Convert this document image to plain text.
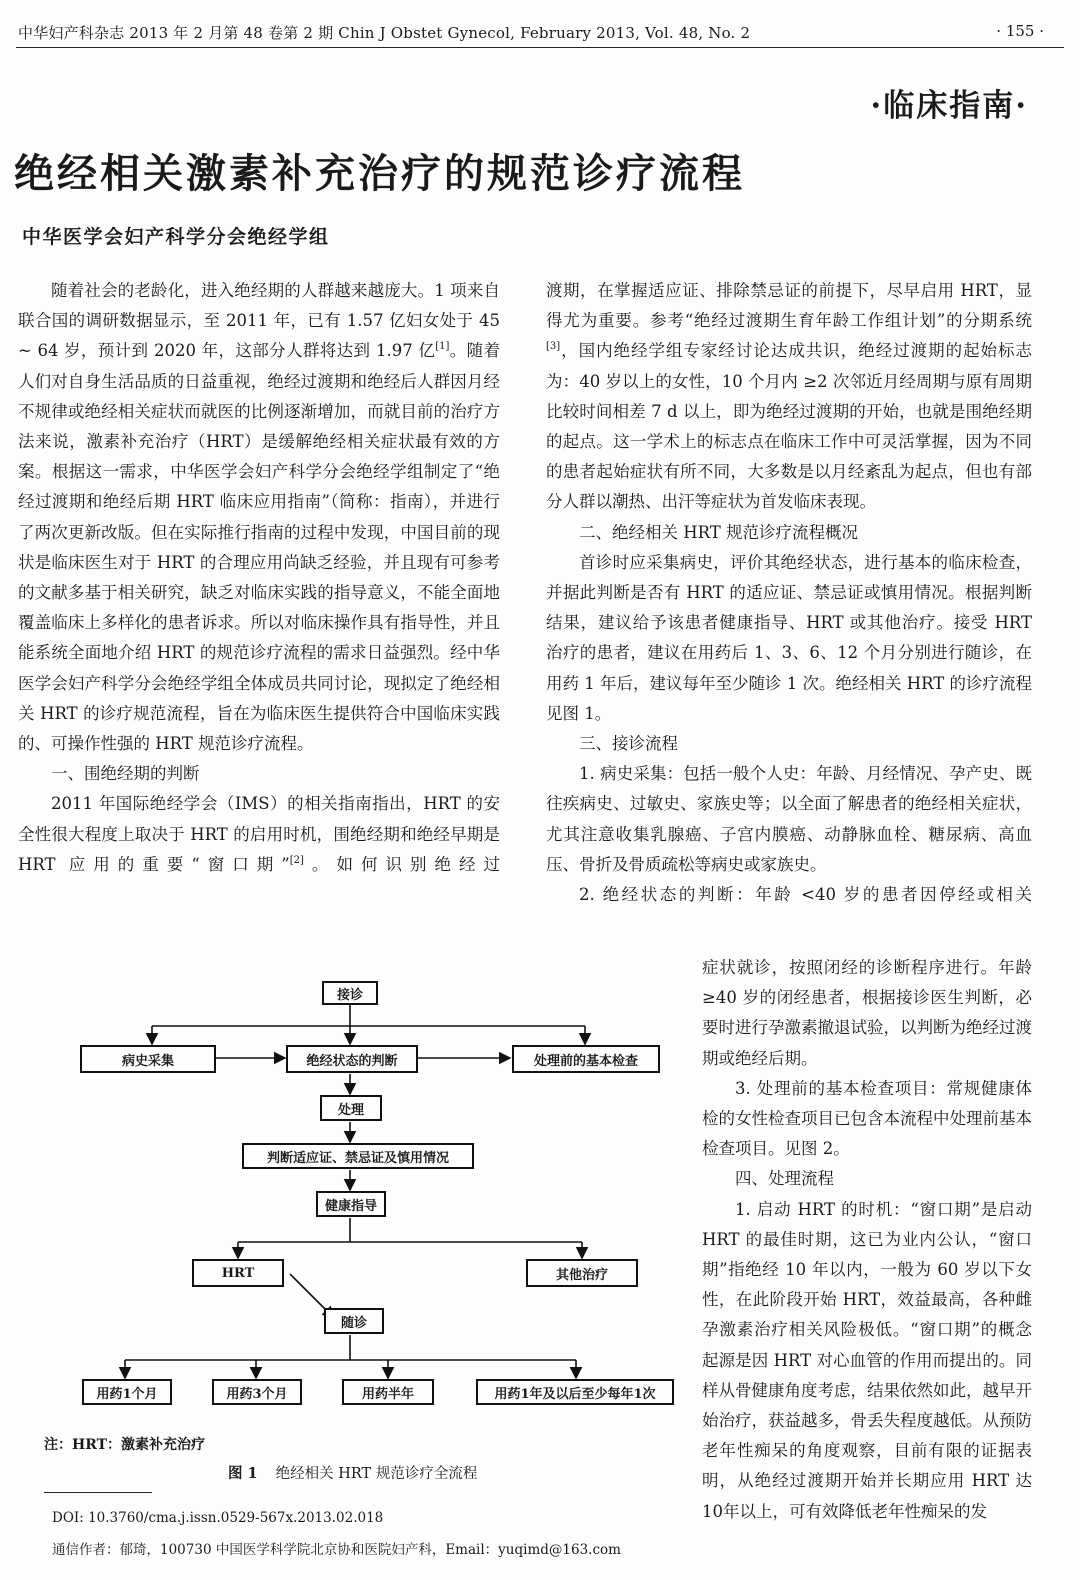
中华妇产科杂志 2013 年 2 月第 48 卷第 2 期 Chin J Obstet Gynecol, February 2013, Vol. 48, No. 2	· 155 ·
·临床指南·
绝经相关激素补充治疗的规范诊疗流程
中华医学会妇产科学分会绝经学组

随着社会的老龄化，进入绝经期的人群越来越庞大。1 项来自联合国的调研数据显示，至 2011 年，已有 1.57 亿妇女处于 45 ~ 64 岁，预计到 2020 年，这部分人群将达到 1.97 亿[1]。随着人们对自身生活品质的日益重视，绝经过渡期和绝经后人群因月经不规律或绝经相关症状而就医的比例逐渐增加，而就目前的治疗方法来说，激素补充治疗（HRT）是缓解绝经相关症状最有效的方案。根据这一需求，中华医学会妇产科学分会绝经学组制定了“绝经过渡期和绝经后期 HRT 临床应用指南”（简称：指南），并进行了两次更新改版。但在实际推行指南的过程中发现，中国目前的现状是临床医生对于 HRT 的合理应用尚缺乏经验，并且现有可参考的文献多基于相关研究，缺乏对临床实践的指导意义，不能全面地覆盖临床上多样化的患者诉求。所以对临床操作具有指导性，并且能系统全面地介绍 HRT 的规范诊疗流程的需求日益强烈。经中华医学会妇产科学分会绝经学组全体成员共同讨论，现拟定了绝经相关 HRT 的诊疗规范流程，旨在为临床医生提供符合中国临床实践的、可操作性强的 HRT 规范诊疗流程。

一、围绝经期的判断

2011 年国际绝经学会（IMS）的相关指南指出，HRT 的安全性很大程度上取决于 HRT 的启用时机，围绝经期和绝经早期是 HRT 应用的重要“窗口期”[2]。如何识别绝经过

渡期，在掌握适应证、排除禁忌证的前提下，尽早启用 HRT，显得尤为重要。参考“绝经过渡期生育年龄工作组计划”的分期系统[3]，国内绝经学组专家经讨论达成共识，绝经过渡期的起始标志为：40 岁以上的女性，10 个月内 ≥2 次邻近月经周期与原有周期比较时间相差 7 d 以上，即为绝经过渡期的开始，也就是围绝经期的起点。这一学术上的标志点在临床工作中可灵活掌握，因为不同的患者起始症状有所不同，大多数是以月经紊乱为起点，但也有部分人群以潮热、出汗等症状为首发临床表现。

二、绝经相关 HRT 规范诊疗流程概况

首诊时应采集病史，评价其绝经状态，进行基本的临床检查，并据此判断是否有 HRT 的适应证、禁忌证或慎用情况。根据判断结果，建议给予该患者健康指导、HRT 或其他治疗。接受 HRT 治疗的患者，建议在用药后 1、3、6、12 个月分别进行随诊，在用药 1 年后，建议每年至少随诊 1 次。绝经相关 HRT 的诊疗流程见图 1。

三、接诊流程

1. 病史采集：包括一般个人史：年龄、月经情况、孕产史、既往疾病史、过敏史、家族史等；以全面了解患者的绝经相关症状，尤其注意收集乳腺癌、子宫内膜癌、动静脉血栓、糖尿病、高血压、骨折及骨质疏松等病史或家族史。

2. 绝经状态的判断：年龄 <40 岁的患者因停经或相关

症状就诊，按照闭经的诊断程序进行。年龄≥40 岁的闭经患者，根据接诊医生判断，必要时进行孕激素撤退试验，以判断为绝经过渡期或绝经后期。

3. 处理前的基本检查项目：常规健康体检的女性检查项目已包含本流程中处理前基本检查项目。见图 2。

四、处理流程

1. 启动 HRT 的时机：“窗口期”是启动 HRT 的最佳时期，这已为业内公认，“窗口期”指绝经 10 年以内，一般为 60 岁以下女性，在此阶段开始 HRT，效益最高，各种雌孕激素治疗相关风险极低。“窗口期”的概念起源是因 HRT 对心血管的作用而提出的。同样从骨健康角度考虑，结果依然如此，越早开始治疗，获益越多，骨丢失程度越低。从预防老年性痴呆的角度观察，目前有限的证据表明，从绝经过渡期开始并长期应用 HRT 达 10年以上，可有效降低老年性痴呆的发

接诊
病史采集	绝经状态的判断	处理前的基本检查
处理
判断适应证、禁忌证及慎用情况
健康指导
HRT	其他治疗
随诊
用药1个月	用药3个月	用药半年	用药1年及以后至少每年1次
注：HRT：激素补充治疗
图 1 绝经相关 HRT 规范诊疗全流程
DOI: 10.3760/cma.j.issn.0529-567x.2013.02.018
通信作者：郁琦，100730 中国医学科学院北京协和医院妇产科，Email：yuqimd@163.com
